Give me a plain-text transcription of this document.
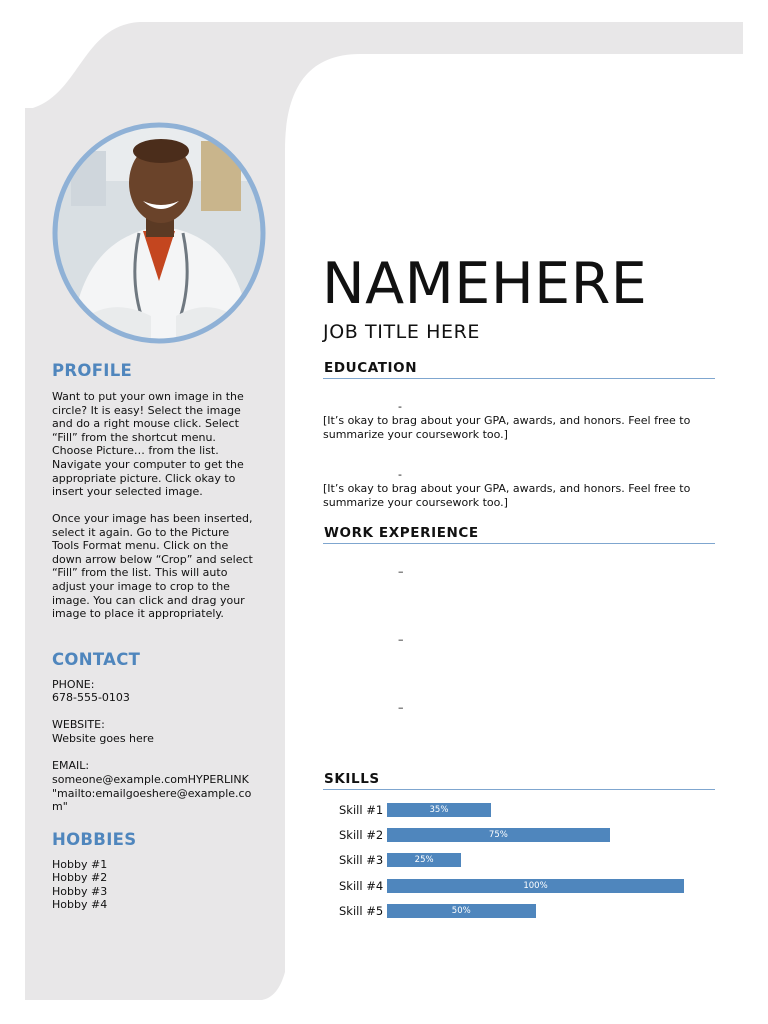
PROFILE
Want to put your own image in the
circle? It is easy! Select the image
and do a right mouse click. Select
“Fill” from the shortcut menu.
Choose Picture… from the list.
Navigate your computer to get the
appropriate picture. Click okay to
insert your selected image.
Once your image has been inserted,
select it again. Go to the Picture
Tools Format menu. Click on the
down arrow below “Crop” and select
“Fill” from the list. This will auto
adjust your image to crop to the
image. You can click and drag your
image to place it appropriately.
CONTACT
PHONE:
678-555-0103
WEBSITE:
Website goes here
EMAIL:
someone@example.comHYPERLINK
"mailto:emailgoeshere@example.co
m"
HOBBIES
Hobby #1
Hobby #2
Hobby #3
Hobby #4
NAMEHERE
JOB TITLE HERE
EDUCATION
-
[It’s okay to brag about your GPA, awards, and honors. Feel free to summarize your coursework too.]
-
[It’s okay to brag about your GPA, awards, and honors. Feel free to summarize your coursework too.]
WORK EXPERIENCE
–
–
–
SKILLS
Skill #1	35%
Skill #2	75%
Skill #3	25%
Skill #4	100%
Skill #5	50%
